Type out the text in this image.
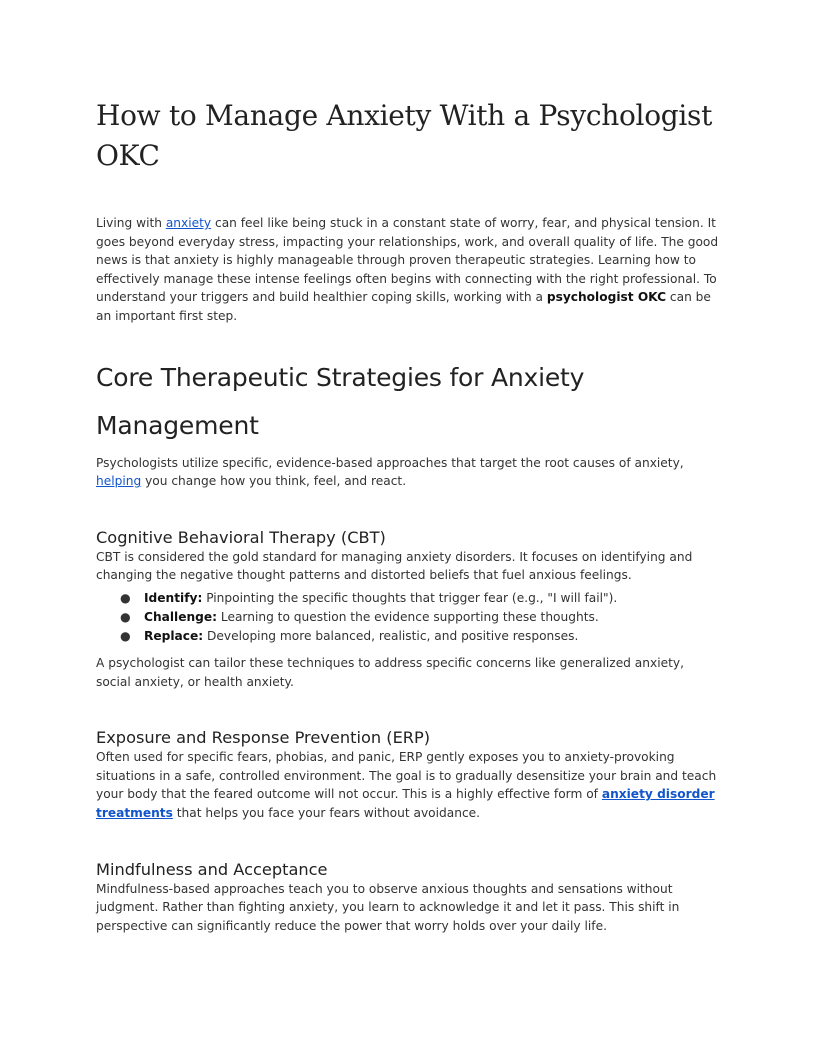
How to Manage Anxiety With a Psychologist OKC

Living with anxiety can feel like being stuck in a constant state of worry, fear, and physical tension. It goes beyond everyday stress, impacting your relationships, work, and overall quality of life. The good news is that anxiety is highly manageable through proven therapeutic strategies. Learning how to effectively manage these intense feelings often begins with connecting with the right professional. To understand your triggers and build healthier coping skills, working with a psychologist OKC can be an important first step.

Core Therapeutic Strategies for Anxiety
Management

Psychologists utilize specific, evidence-based approaches that target the root causes of anxiety, helping you change how you think, feel, and react.

Cognitive Behavioral Therapy (CBT)

CBT is considered the gold standard for managing anxiety disorders. It focuses on identifying and changing the negative thought patterns and distorted beliefs that fuel anxious feelings.

● Identify: Pinpointing the specific thoughts that trigger fear (e.g., "I will fail").
● Challenge: Learning to question the evidence supporting these thoughts.
● Replace: Developing more balanced, realistic, and positive responses.

A psychologist can tailor these techniques to address specific concerns like generalized anxiety, social anxiety, or health anxiety.

Exposure and Response Prevention (ERP)

Often used for specific fears, phobias, and panic, ERP gently exposes you to anxiety-provoking situations in a safe, controlled environment. The goal is to gradually desensitize your brain and teach your body that the feared outcome will not occur. This is a highly effective form of anxiety disorder treatments that helps you face your fears without avoidance.

Mindfulness and Acceptance

Mindfulness-based approaches teach you to observe anxious thoughts and sensations without judgment. Rather than fighting anxiety, you learn to acknowledge it and let it pass. This shift in perspective can significantly reduce the power that worry holds over your daily life.
